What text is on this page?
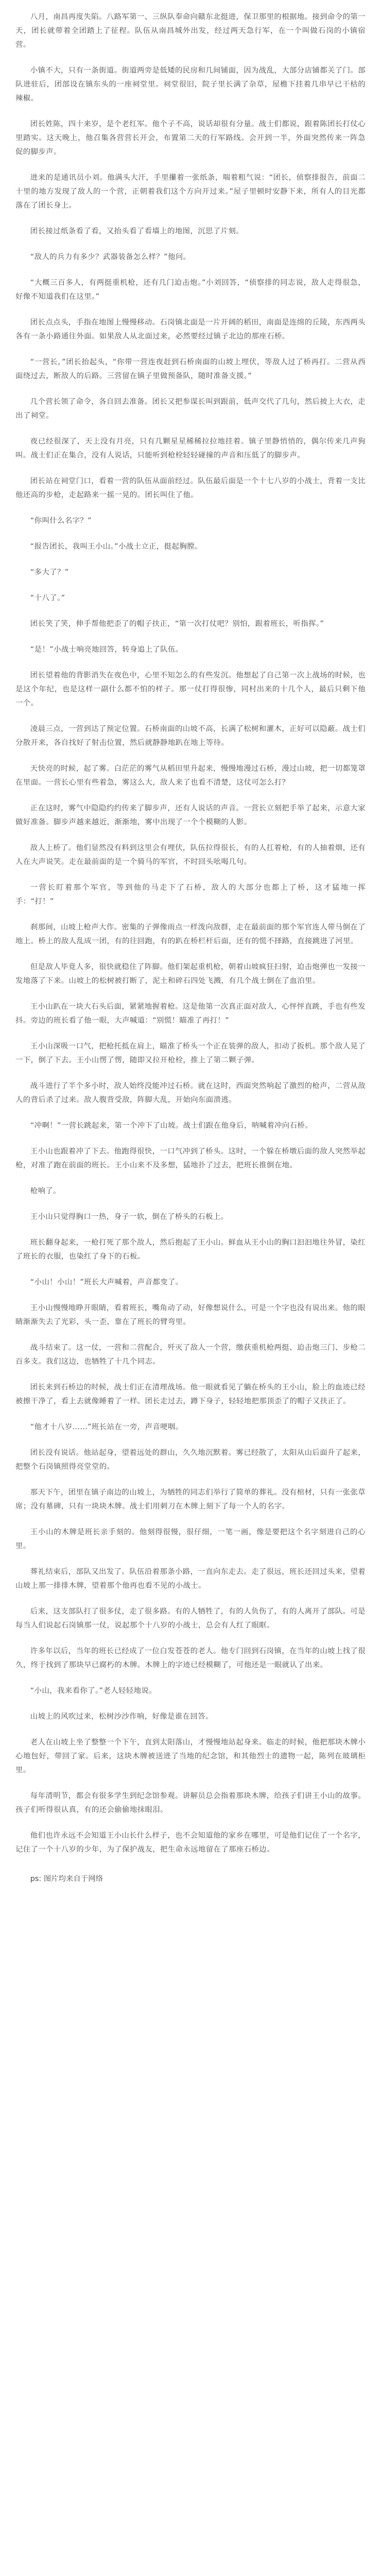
八月，南昌再度失陷。八路军第一、三纵队奉命向赣东北挺进，保卫那里的根据地。接到命令的第一天，团长就带着全团踏上了征程。队伍从南昌城外出发，经过两天急行军，在一个叫做石岗的小镇宿营。

小镇不大，只有一条街道。街道两旁是低矮的民房和几间铺面，因为战乱，大部分店铺都关了门。部队进驻后，团部设在镇东头的一座祠堂里。祠堂很旧，院子里长满了杂草，屋檐下挂着几串早已干枯的辣椒。

团长姓陈，四十来岁，是个老红军。他个子不高，说话却很有分量。战士们都说，跟着陈团长打仗心里踏实。这天晚上，他召集各营营长开会，布置第二天的行军路线。会开到一半，外面突然传来一阵急促的脚步声。

进来的是通讯员小刘。他满头大汗，手里攥着一张纸条，喘着粗气说：“团长，侦察排报告，前面二十里的地方发现了敌人的一个营，正朝着我们这个方向开过来。”屋子里顿时安静下来，所有人的目光都落在了团长身上。

团长接过纸条看了看，又抬头看了看墙上的地图，沉思了片刻。

“敌人的兵力有多少？武器装备怎么样？”他问。

“大概三百多人，有两挺重机枪，还有几门迫击炮。”小刘回答，“侦察排的同志说，敌人走得很急，好像不知道我们在这里。”

团长点点头，手指在地图上慢慢移动。石岗镇北面是一片开阔的稻田，南面是连绵的丘陵，东西两头各有一条小路通往外面。如果敌人从北面过来，必然要经过镇子北边的那座石桥。

“一营长，”团长抬起头，“你带一营连夜赶到石桥南面的山坡上埋伏，等敌人过了桥再打。二营从西面绕过去，断敌人的后路。三营留在镇子里做预备队，随时准备支援。”

几个营长领了命令，各自回去准备。团长又把参谋长叫到跟前，低声交代了几句，然后披上大衣，走出了祠堂。

夜已经很深了，天上没有月亮，只有几颗星星稀稀拉拉地挂着。镇子里静悄悄的，偶尔传来几声狗叫。战士们正在集合，没有人说话，只能听到枪栓轻轻碰撞的声音和压低了的脚步声。

团长站在祠堂门口，看着一营的队伍从面前经过。队伍最后面是一个十七八岁的小战士，背着一支比他还高的步枪，走起路来一摇一晃的。团长叫住了他。

“你叫什么名字？”

“报告团长，我叫王小山。”小战士立正，挺起胸膛。

“多大了？”

“十八了。”

团长笑了笑，伸手帮他把歪了的帽子扶正，“第一次打仗吧？别怕，跟着班长，听指挥。”

“是！”小战士响亮地回答，转身追上了队伍。

团长望着他的背影消失在夜色中，心里不知怎么的有些发沉。他想起了自己第一次上战场的时候，也是这个年纪，也是这样一副什么都不怕的样子。那一仗打得很惨，同村出来的十几个人，最后只剩下他一个。

凌晨三点，一营到达了预定位置。石桥南面的山坡不高，长满了松树和灌木，正好可以隐蔽。战士们分散开来，各自找好了射击位置，然后就静静地趴在地上等待。

天快亮的时候，起了雾。白茫茫的雾气从稻田里升起来，慢慢地漫过石桥，漫过山坡，把一切都笼罩在里面。一营长心里有些着急，雾这么大，敌人来了也看不清楚，这仗可怎么打？

正在这时，雾气中隐隐约约传来了脚步声，还有人说话的声音。一营长立刻把手举了起来，示意大家做好准备。脚步声越来越近，渐渐地，雾中出现了一个个模糊的人影。

敌人上桥了。他们显然没有料到这里会有埋伏，队伍拉得很长，有的人扛着枪，有的人抽着烟，还有人在大声说笑。走在最前面的是一个骑马的军官，不时回头吆喝几句。

一营长盯着那个军官，等到他的马走下了石桥，敌人的大部分也都上了桥，这才猛地一挥手：“打！”

刹那间，山坡上枪声大作。密集的子弹像雨点一样泼向敌群，走在最前面的那个军官连人带马倒在了地上。桥上的敌人乱成一团，有的往回跑，有的趴在桥栏杆后面，还有的慌不择路，直接跳进了河里。

但是敌人毕竟人多，很快就稳住了阵脚。他们架起重机枪，朝着山坡疯狂扫射，迫击炮弹也一发接一发地落了下来。山坡上的松树被打断了，泥土和碎石四处飞溅，有几个战士倒在了血泊里。

王小山趴在一块大石头后面，紧紧地握着枪。这是他第一次真正面对敌人，心怦怦直跳，手也有些发抖。旁边的班长看了他一眼，大声喊道：“别慌！瞄准了再打！”

王小山深吸一口气，把枪托抵在肩上，瞄准了桥头一个正在装弹的敌人，扣动了扳机。那个敌人晃了一下，倒了下去。王小山愣了愣，随即又拉开枪栓，推上了第二颗子弹。

战斗进行了半个多小时，敌人始终没能冲过石桥。就在这时，西面突然响起了激烈的枪声，二营从敌人的背后杀了过来。敌人腹背受敌，阵脚大乱，开始向东面溃逃。

“冲啊！”一营长跳起来，第一个冲下了山坡。战士们跟在他身后，呐喊着冲向石桥。

王小山也跟着冲了下去。他跑得很快，一口气冲到了桥头。这时，一个躲在桥墩后面的敌人突然举起枪，对准了跑在前面的班长。王小山来不及多想，猛地扑了过去，把班长推倒在地。

枪响了。

王小山只觉得胸口一热，身子一软，倒在了桥头的石板上。

班长翻身起来，一枪打死了那个敌人，然后抱起了王小山。鲜血从王小山的胸口汩汩地往外冒，染红了班长的衣服，也染红了身下的石板。

“小山！小山！”班长大声喊着，声音都变了。

王小山慢慢地睁开眼睛，看着班长，嘴角动了动，好像想说什么，可是一个字也没有说出来。他的眼睛渐渐失去了光彩，头一歪，靠在了班长的臂弯里。

战斗结束了。这一仗，一营和二营配合，歼灭了敌人一个营，缴获重机枪两挺、迫击炮三门、步枪二百多支。我们这边，也牺牲了十几个同志。

团长来到石桥边的时候，战士们正在清理战场。他一眼就看见了躺在桥头的王小山，脸上的血迹已经被擦干净了，看上去就像睡着了一样。团长走过去，蹲下身子，轻轻地把那顶歪了的帽子又扶正了。

“他才十八岁……”班长站在一旁，声音哽咽。

团长没有说话。他站起身，望着远处的群山，久久地沉默着。雾已经散了，太阳从山后面升了起来，把整个石岗镇照得亮堂堂的。

那天下午，团里在镇子南边的山坡上，为牺牲的同志们举行了简单的葬礼。没有棺材，只有一张张草席；没有墓碑，只有一块块木牌。战士们用刺刀在木牌上刻下了每一个人的名字。

王小山的木牌是班长亲手刻的。他刻得很慢，很仔细，一笔一画，像是要把这个名字刻进自己的心里。

葬礼结束后，部队又出发了。队伍沿着那条小路，一直向东走去。走了很远，班长还回过头来，望着山坡上那一排排木牌，望着那个他再也看不见的小战士。

后来，这支部队打了很多仗，走了很多路。有的人牺牲了，有的人负伤了，有的人离开了部队。可是每当人们说起石岗镇那一仗，说起那个十八岁的小战士，总会有人红了眼眶。

许多年以后，当年的班长已经成了一位白发苍苍的老人。他专门回到石岗镇，在当年的山坡上找了很久，终于找到了那块早已腐朽的木牌。木牌上的字迹已经模糊了，可他还是一眼就认了出来。

“小山，我来看你了。”老人轻轻地说。

山坡上的风吹过来，松树沙沙作响，好像是谁在回答。

老人在山坡上坐了整整一个下午，直到太阳落山，才慢慢地站起身来。临走的时候，他把那块木牌小心地包好，带回了家。后来，这块木牌被送进了当地的纪念馆，和其他烈士的遗物一起，陈列在玻璃柜里。

每年清明节，都会有很多学生到纪念馆参观。讲解员总会指着那块木牌，给孩子们讲王小山的故事。孩子们听得很认真，有的还会偷偷地抹眼泪。

他们也许永远不会知道王小山长什么样子，也不会知道他的家乡在哪里，可是他们记住了一个名字，记住了一个十八岁的少年，为了保护战友，把生命永远地留在了那座石桥边。

ps: 图片均来自于网络
